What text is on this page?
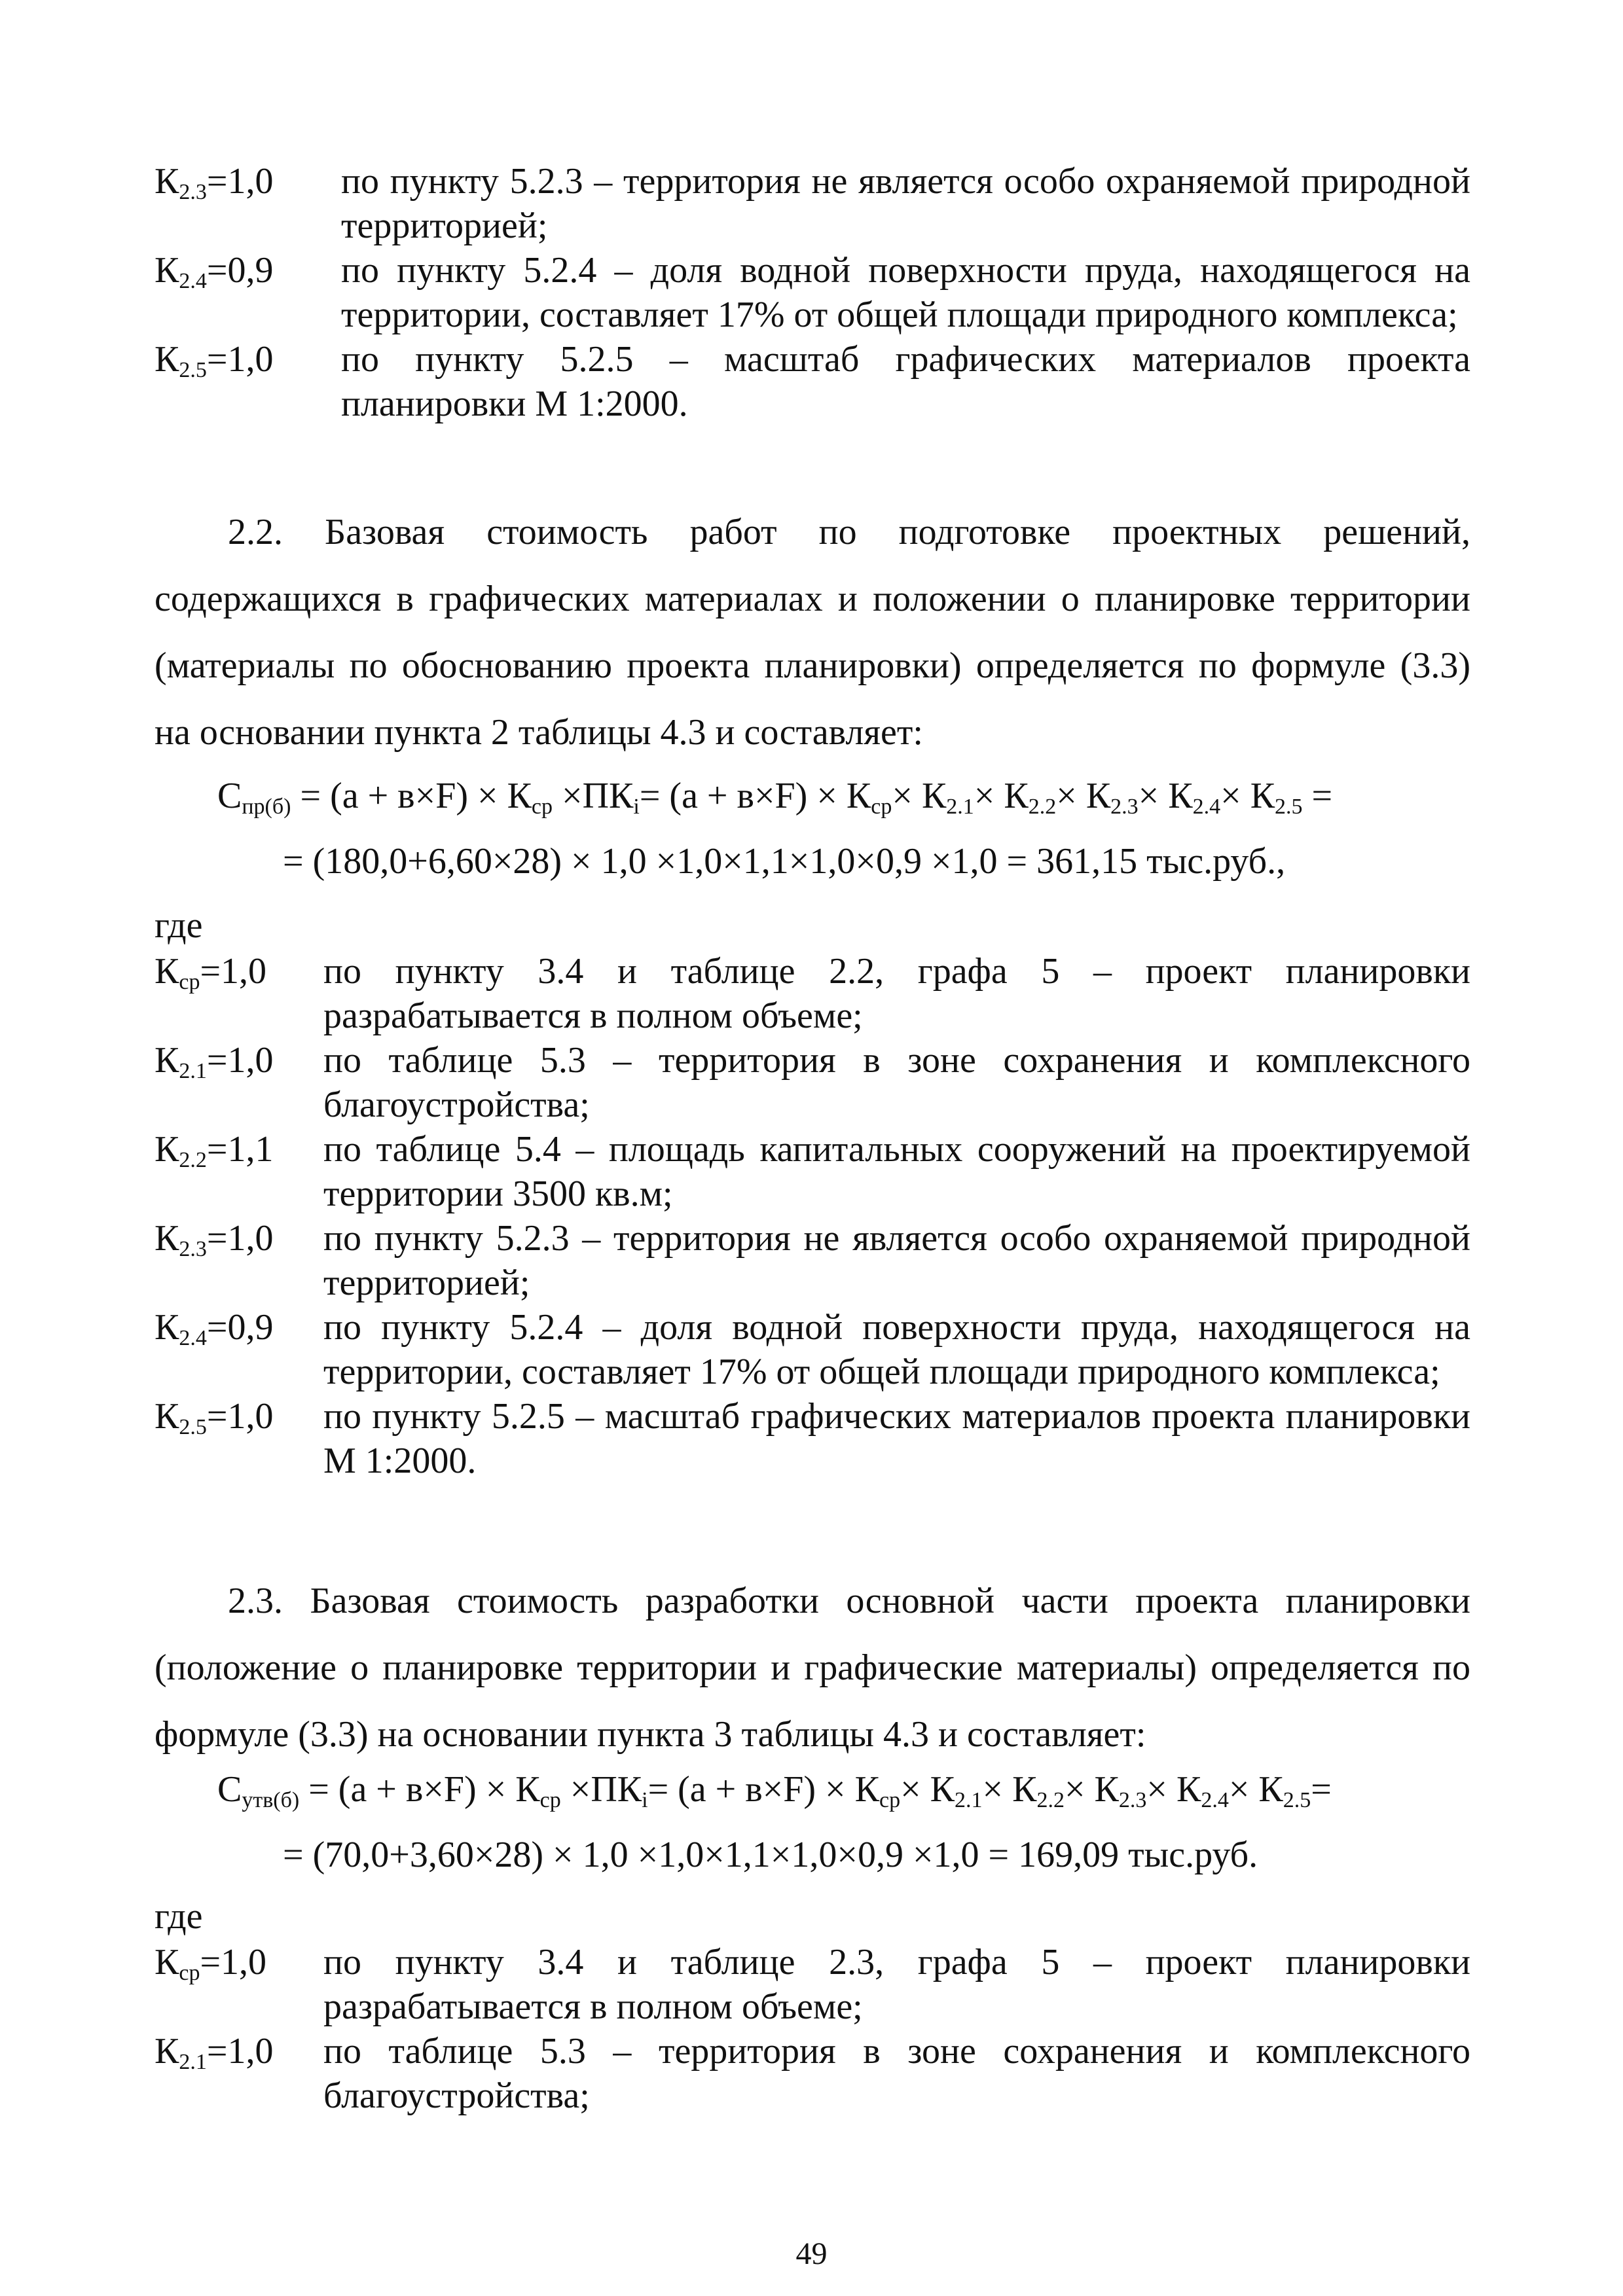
$К_{2.3}=1,0$	по пункту 5.2.3 – территория не является особо охраняемой природной территорией;
$К_{2.4}=0,9$	по пункту 5.2.4 – доля водной поверхности пруда, находящегося на территории, составляет 17% от общей площади природного комплекса;
$К_{2.5}=1,0$	по пункту 5.2.5 – масштаб графических материалов проекта планировки М 1:2000.
2.2. Базовая стоимость работ по подготовке проектных решений, содержащихся в графических материалах и положении о планировке территории (материалы по обоснованию проекта планировки) определяется по формуле (3.3) на основании пункта 2 таблицы 4.3 и составляет:
$С_{пр(б)} = (а + в\times F) \times К_{ср} \times ПК_i= (а + в\times F) \times К_{ср}\times К_{2.1}\times К_{2.2}\times К_{2.3}\times К_{2.4}\times К_{2.5}$ =
= (180,0+6,60×28) × 1,0 ×1,0×1,1×1,0×0,9 ×1,0 = 361,15 тыс.руб.,
где
$К_{ср}=1,0$	по пункту 3.4 и таблице 2.2, графа 5 – проект планировки разрабатывается в полном объеме;
$К_{2.1}=1,0$	по таблице 5.3 – территория в зоне сохранения и комплексного благоустройства;
$К_{2.2}=1,1$	по таблице 5.4 – площадь капитальных сооружений на проектируемой территории 3500 кв.м;
$К_{2.3}=1,0$	по пункту 5.2.3 – территория не является особо охраняемой природной территорией;
$К_{2.4}=0,9$	по пункту 5.2.4 – доля водной поверхности пруда, находящегося на территории, составляет 17% от общей площади природного комплекса;
$К_{2.5}=1,0$	по пункту 5.2.5 – масштаб графических материалов проекта планировки М 1:2000.
2.3. Базовая стоимость разработки основной части проекта планировки (положение о планировке территории и графические материалы) определяется по формуле (3.3) на основании пункта 3 таблицы 4.3 и составляет:
$С_{утв(б)} = (а + в\times F) \times К_{ср} \times ПК_i= (а + в\times F) \times К_{ср}\times К_{2.1}\times К_{2.2}\times К_{2.3}\times К_{2.4}\times К_{2.5}=$
= (70,0+3,60×28) × 1,0 ×1,0×1,1×1,0×0,9 ×1,0 = 169,09 тыс.руб.
где
$К_{ср}=1,0$	по пункту 3.4 и таблице 2.3, графа 5 – проект планировки разрабатывается в полном объеме;
$К_{2.1}=1,0$	по таблице 5.3 – территория в зоне сохранения и комплексного благоустройства;
49
